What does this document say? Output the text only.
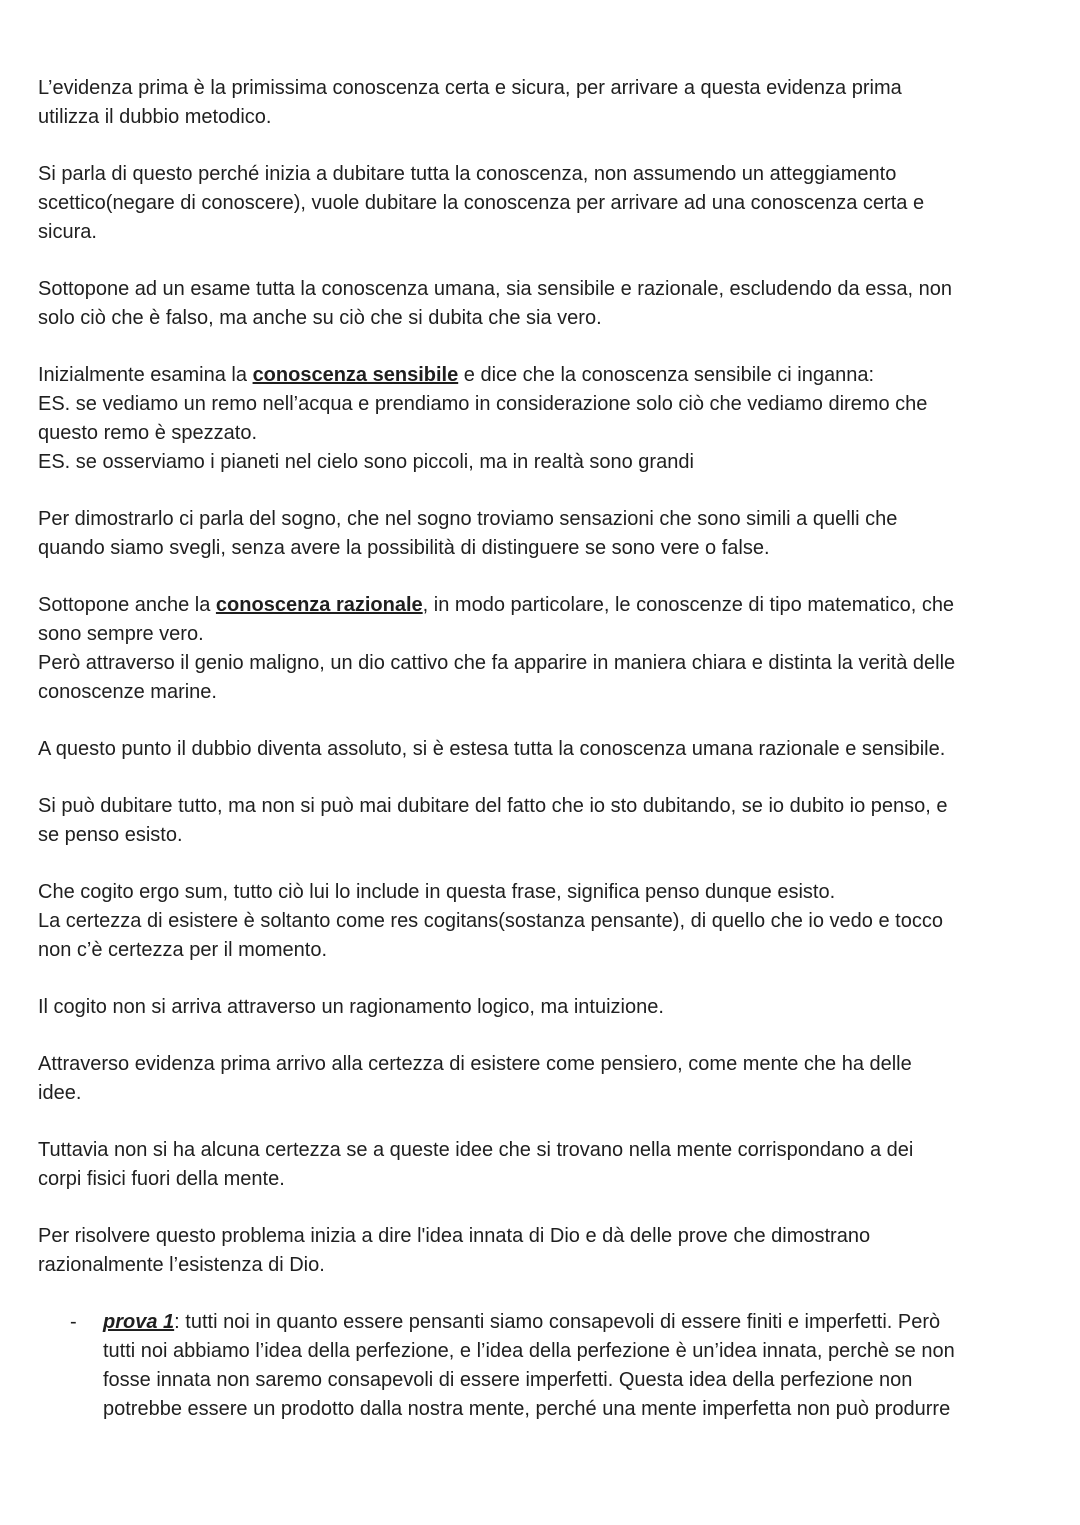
L’evidenza prima è la primissima conoscenza certa e sicura, per arrivare a questa evidenza prima
utilizza il dubbio metodico.
Si parla di questo perché inizia a dubitare tutta la conoscenza, non assumendo un atteggiamento
scettico(negare di conoscere), vuole dubitare la conoscenza per arrivare ad una conoscenza certa e
sicura.
Sottopone ad un esame tutta la conoscenza umana, sia sensibile e razionale, escludendo da essa, non
solo ciò che è falso, ma anche su ciò che si dubita che sia vero.
Inizialmente esamina la conoscenza sensibile e dice che la conoscenza sensibile ci inganna:
ES. se vediamo un remo nell’acqua e prendiamo in considerazione solo ciò che vediamo diremo che
questo remo è spezzato.
ES. se osserviamo i pianeti nel cielo sono piccoli, ma in realtà sono grandi
Per dimostrarlo ci parla del sogno, che nel sogno troviamo sensazioni che sono simili a quelli che
quando siamo svegli, senza avere la possibilità di distinguere se sono vere o false.
Sottopone anche la conoscenza razionale, in modo particolare, le conoscenze di tipo matematico, che
sono sempre vero.
Però attraverso il genio maligno, un dio cattivo che fa apparire in maniera chiara e distinta la verità delle
conoscenze marine.
A questo punto il dubbio diventa assoluto, si è estesa tutta la conoscenza umana razionale e sensibile.
Si può dubitare tutto, ma non si può mai dubitare del fatto che io sto dubitando, se io dubito io penso, e
se penso esisto.
Che cogito ergo sum, tutto ciò lui lo include in questa frase, significa penso dunque esisto.
La certezza di esistere è soltanto come res cogitans(sostanza pensante), di quello che io vedo e tocco
non c’è certezza per il momento.
Il cogito non si arriva attraverso un ragionamento logico, ma intuizione.
Attraverso evidenza prima arrivo alla certezza di esistere come pensiero, come mente che ha delle
idee.
Tuttavia non si ha alcuna certezza se a queste idee che si trovano nella mente corrispondano a dei
corpi fisici fuori della mente.
Per risolvere questo problema inizia a dire l'idea innata di Dio e dà delle prove che dimostrano
razionalmente l’esistenza di Dio.
- prova 1: tutti noi in quanto essere pensanti siamo consapevoli di essere finiti e imperfetti. Però
tutti noi abbiamo l’idea della perfezione, e l’idea della perfezione è un’idea innata, perchè se non
fosse innata non saremo consapevoli di essere imperfetti. Questa idea della perfezione non
potrebbe essere un prodotto dalla nostra mente, perché una mente imperfetta non può produrre
